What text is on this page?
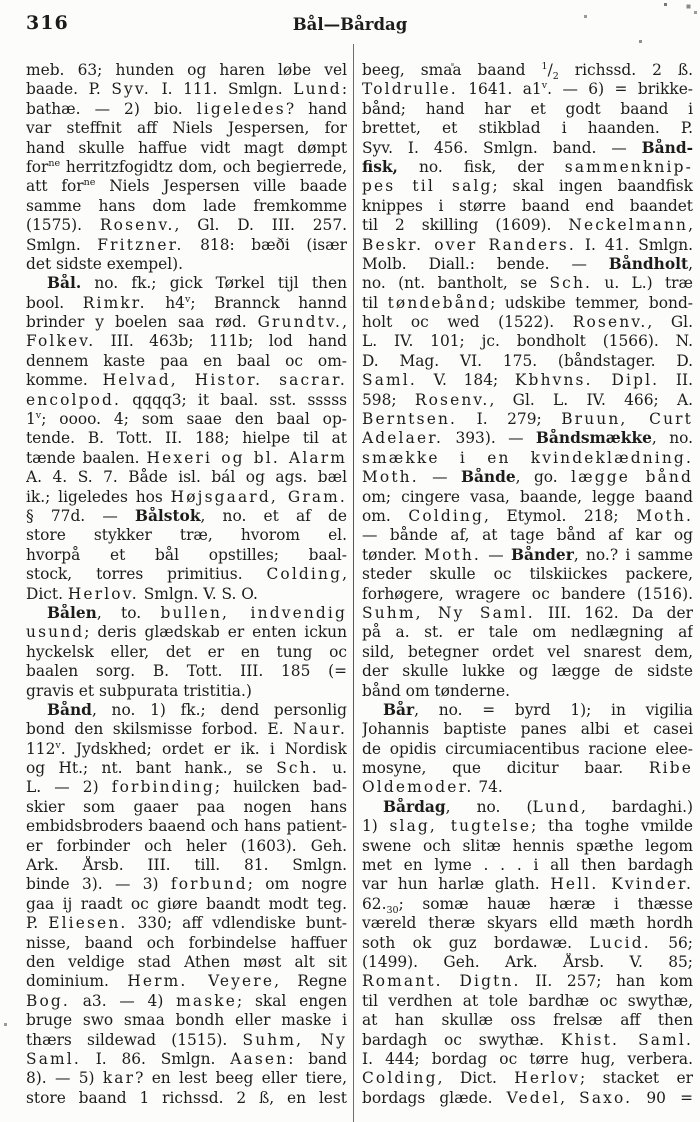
316	Bål—Bårdag
meb. 63; hunden og haren løbe vel
baade. P. Syv. I. 111. Smlgn. Lund:
bathæ. — 2) bio. ligeledes? hand
var steffnit aff Niels Jespersen, for
hand skulle haffue vidt magt dømpt
for$^{ne}$ herritzfogidtz dom, och begierrede,
att for$^{ne}$ Niels Jespersen ville baade
samme hans dom lade fremkomme
(1575). Rosenv., Gl. D. III. 257.
Smlgn. Fritzner. 818: bæði (især
det sidste exempel).
Bål. no. fk.; gick Tørkel tijl then
bool. Rimkr. h4$^v$; Brannck hannd
brinder y boelen saa rød. Grundtv.,
Folkev. III. 463b; 111b; lod hand
dennem kaste paa en baal oc om-
komme. Helvad, Histor. sacrar.
encolpod. qqqq3; it baal. sst. sssss
1$^v$; oooo. 4; som saae den baal op-
tende. B. Tott. II. 188; hielpe til at
tænde baalen. Hexeri og bl. Alarm
A. 4. S. 7. Både isl. bál og ags. bæl
ik.; ligeledes hos Højsgaard, Gram.
§ 77d. — Bålstok, no. et af de
store stykker træ, hvorom el.
hvorpå et bål opstilles; baal-
stock, torres primitius. Colding,
Dict. Herlov. Smlgn. V. S. O.
Bålen, to. bullen, indvendig
usund; deris glædskab er enten ickun
hyckelsk eller, det er en tung oc
baalen sorg. B. Tott. III. 185 (=
gravis et subpurata tristitia.)
Bånd, no. 1) fk.; dend personlig
bond den skilsmisse forbod. E. Naur.
112$^v$. Jydskhed; ordet er ik. i Nordisk
og Ht.; nt. bant hank., se Sch. u.
L. — 2) forbinding; huilcken bad-
skier som gaaer paa nogen hans
embidsbroders baaend och hans patient-
er forbinder och heler (1603). Geh.
Ark. Årsb. III. till. 81. Smlgn.
binde 3). — 3) forbund; om nogre
gaa ij raadt oc giøre baandt modt teg.
P. Eliesen. 330; aff vdlendiske bunt-
nisse, baand och forbindelse haffuer
den veldige stad Athen møst alt sit
dominium. Herm. Veyere, Regne
Bog. a3. — 4) maske; skal engen
bruge swo smaa bondh eller maske i
thærs sildewad (1515). Suhm, Ny
Saml. I. 86. Smlgn. Aasen: band
8). — 5) kar? en lest beeg eller tiere,
store baand 1 richssd. 2 ß, en lest
beeg, smaa baand $^1/_2$ richssd. 2 ß.
Toldrulle. 1641. a1$^v$. — 6) = brikke-
bånd; hand har et godt baand i
brettet, et stikblad i haanden. P.
Syv. I. 456. Smlgn. band. — Bånd-
fisk, no. fisk, der sammenknip-
pes til salg; skal ingen baandfisk
knippes i større baand end baandet
til 2 skilling (1609). Neckelmann,
Beskr. over Randers. I. 41. Smlgn.
Molb. Diall.: bende. — Båndholt,
no. (nt. bantholt, se Sch. u. L.) træ
til tøndebånd; udskibe temmer, bond-
holt oc wed (1522). Rosenv., Gl.
L. IV. 101; jc. bondholt (1566). N.
D. Mag. VI. 175. (båndstager. D.
Saml. V. 184; Kbhvns. Dipl. II.
598; Rosenv., Gl. L. IV. 466; A.
Berntsen. I. 279; Bruun, Curt
Adelaer. 393). — Båndsmække, no.
smække i en kvindeklædning.
Moth. — Bånde, go. lægge bånd
om; cingere vasa, baande, legge baand
om. Colding, Etymol. 218; Moth.
— bånde af, at tage bånd af kar og
tønder. Moth. — Bånder, no.? i samme
steder skulle oc tilskiickes packere,
forhøgere, wragere oc bandere (1516).
Suhm, Ny Saml. III. 162. Da der
på a. st. er tale om nedlægning af
sild, betegner ordet vel snarest dem,
der skulle lukke og lægge de sidste
bånd om tønderne.
Bår, no. = byrd 1); in vigilia
Johannis baptiste panes albi et casei
de opidis circumiacentibus racione elee-
mosyne, que dicitur baar. Ribe
Oldemoder. 74.
Bårdag, no. (Lund, bardaghi.)
1) slag, tugtelse; tha toghe vmilde
swene och slitæ hennis spæthe legom
met en lyme . . . i all then bardagh
var hun harlæ glath. Hell. Kvinder.
$62._{30}$; somæ hauæ hæræ i thæsse
væreld theræ skyars elld mæth hordh
soth ok guz bordawæ. Lucid. 56;
(1499). Geh. Ark. Årsb. V. 85;
Romant. Digtn. II. 257; han kom
til verdhen at tole bardhæ oc swythæ,
at han skullæ oss frelsæ aff then
bardagh oc swythæ. Khist. Saml.
I. 444; bordag oc tørre hug, verbera.
Colding, Dict. Herlov; stacket er
bordags glæde. Vedel, Saxo. 90 =
